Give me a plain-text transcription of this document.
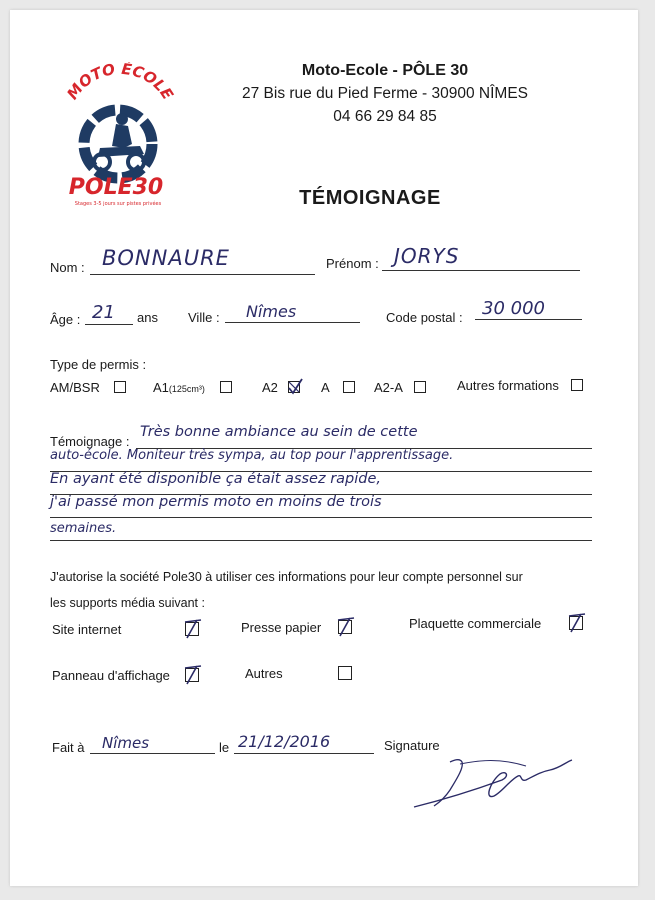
MOTO ÉCOLE
POLE30
Stages 3-5 jours sur pistes privées
Moto-Ecole - PÔLE 30
27 Bis rue du Pied Ferme - 30900 NÎMES
04 66 29 84 85
TÉMOIGNAGE
Nom : BONNAURE	Prénom : JORYS
Âge : 21 ans Ville : Nîmes	Code postal : 30 000
Type de permis :
AM/BSR	A1(125cm³)	A2	A	A2-A	Autres formations
Témoignage :
Très bonne ambiance au sein de cette
auto-école. Moniteur très sympa, au top pour l'apprentissage.
En ayant été disponible ça était assez rapide,
j'ai passé mon permis moto en moins de trois
semaines.
J'autorise la société Pole30 à utiliser ces informations pour leur compte personnel sur
les supports média suivant :
Site internet	Presse papier	Plaquette commerciale
Panneau d'affichage	Autres
Fait à Nîmes	le 21/12/2016	Signature
